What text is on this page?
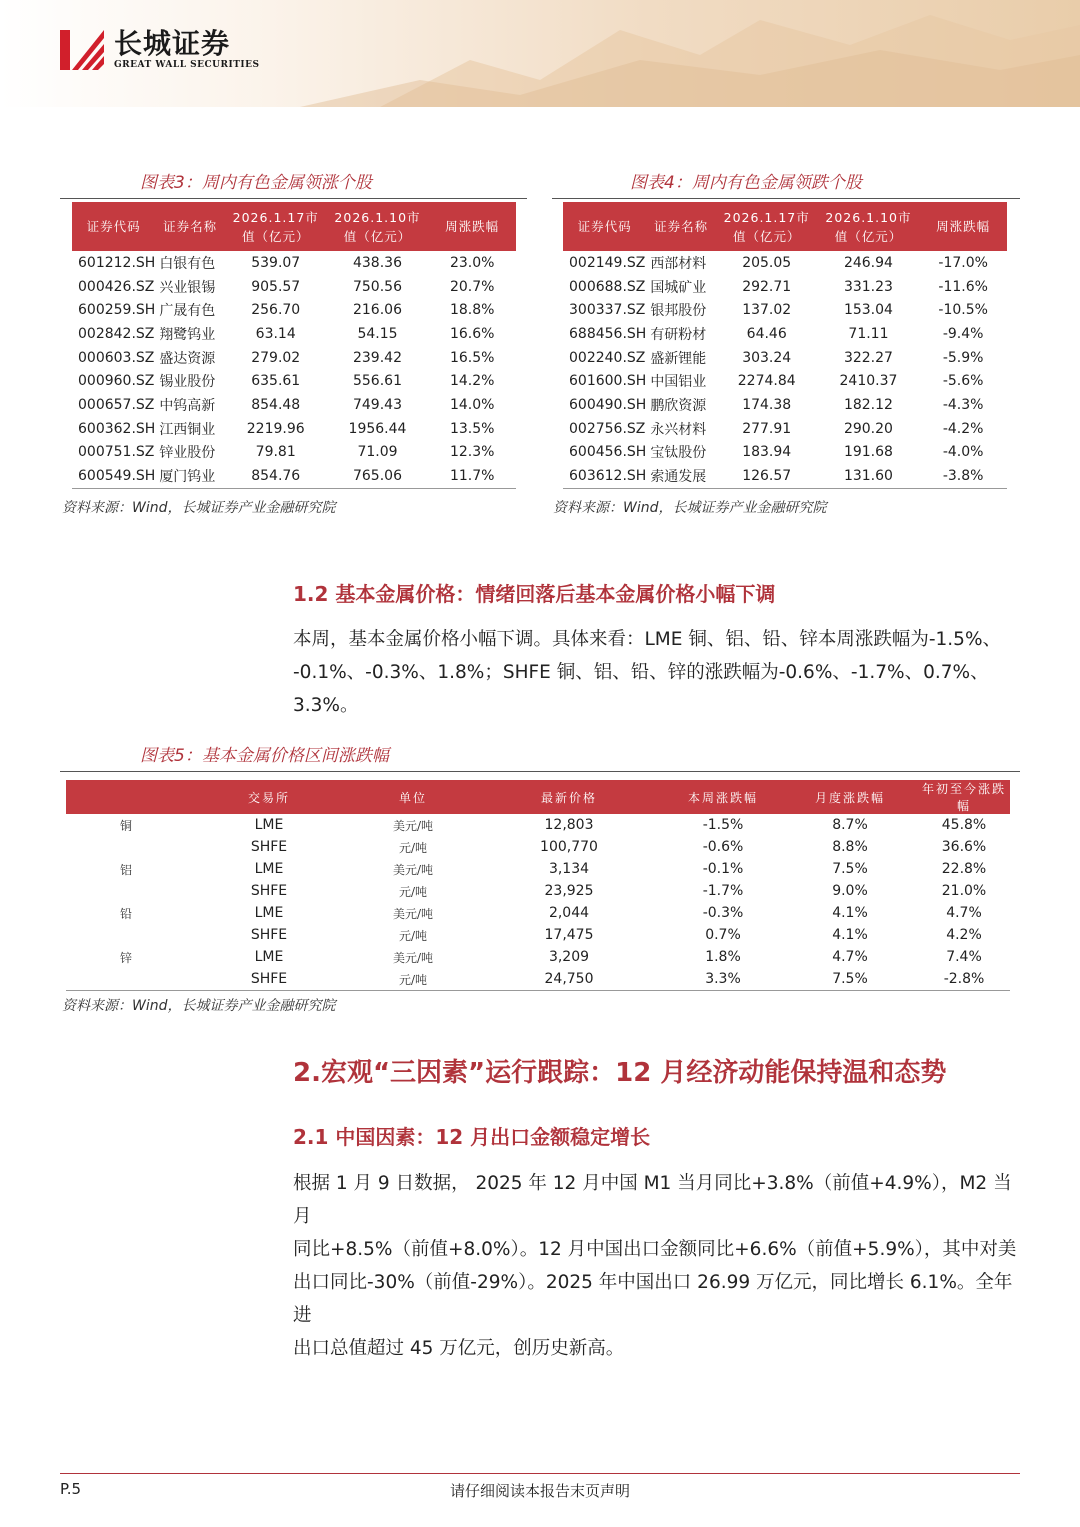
长城证券
GREAT WALL SECURITIES
图表3：周内有色金属领涨个股
证券代码	证券名称	2026.1.17市值（亿元）	2026.1.10市值（亿元）	周涨跌幅
601212.SH	白银有色	539.07	438.36	23.0%
000426.SZ	兴业银锡	905.57	750.56	20.7%
600259.SH	广晟有色	256.70	216.06	18.8%
002842.SZ	翔鹭钨业	63.14	54.15	16.6%
000603.SZ	盛达资源	279.02	239.42	16.5%
000960.SZ	锡业股份	635.61	556.61	14.2%
000657.SZ	中钨高新	854.48	749.43	14.0%
600362.SH	江西铜业	2219.96	1956.44	13.5%
000751.SZ	锌业股份	79.81	71.09	12.3%
600549.SH	厦门钨业	854.76	765.06	11.7%
资料来源：Wind，长城证券产业金融研究院
图表4：周内有色金属领跌个股
证券代码	证券名称	2026.1.17市值（亿元）	2026.1.10市值（亿元）	周涨跌幅
002149.SZ	西部材料	205.05	246.94	-17.0%
000688.SZ	国城矿业	292.71	331.23	-11.6%
300337.SZ	银邦股份	137.02	153.04	-10.5%
688456.SH	有研粉材	64.46	71.11	-9.4%
002240.SZ	盛新锂能	303.24	322.27	-5.9%
601600.SH	中国铝业	2274.84	2410.37	-5.6%
600490.SH	鹏欣资源	174.38	182.12	-4.3%
002756.SZ	永兴材料	277.91	290.20	-4.2%
600456.SH	宝钛股份	183.94	191.68	-4.0%
603612.SH	索通发展	126.57	131.60	-3.8%
资料来源：Wind，长城证券产业金融研究院
1.2 基本金属价格：情绪回落后基本金属价格小幅下调
本周，基本金属价格小幅下调。具体来看：LME 铜、铝、铅、锌本周涨跌幅为-1.5%、
-0.1%、-0.3%、1.8%；SHFE 铜、铝、铅、锌的涨跌幅为-0.6%、-1.7%、0.7%、3.3%。
图表5：基本金属价格区间涨跌幅
	交易所	单位	最新价格	本周涨跌幅	月度涨跌幅	年初至今涨跌幅
铜	LME	美元/吨	12,803	-1.5%	8.7%	45.8%
	SHFE	元/吨	100,770	-0.6%	8.8%	36.6%
铝	LME	美元/吨	3,134	-0.1%	7.5%	22.8%
	SHFE	元/吨	23,925	-1.7%	9.0%	21.0%
铅	LME	美元/吨	2,044	-0.3%	4.1%	4.7%
	SHFE	元/吨	17,475	0.7%	4.1%	4.2%
锌	LME	美元/吨	3,209	1.8%	4.7%	7.4%
	SHFE	元/吨	24,750	3.3%	7.5%	-2.8%
资料来源：Wind，长城证券产业金融研究院
2.宏观“三因素”运行跟踪：12 月经济动能保持温和态势
2.1 中国因素：12 月出口金额稳定增长
根据 1 月 9 日数据， 2025 年 12 月中国 M1 当月同比+3.8%（前值+4.9%），M2 当月
同比+8.5%（前值+8.0%）。12 月中国出口金额同比+6.6%（前值+5.9%），其中对美
出口同比-30%（前值-29%）。2025 年中国出口 26.99 万亿元，同比增长 6.1%。全年进
出口总值超过 45 万亿元，创历史新高。
请仔细阅读本报告末页声明
P.5
